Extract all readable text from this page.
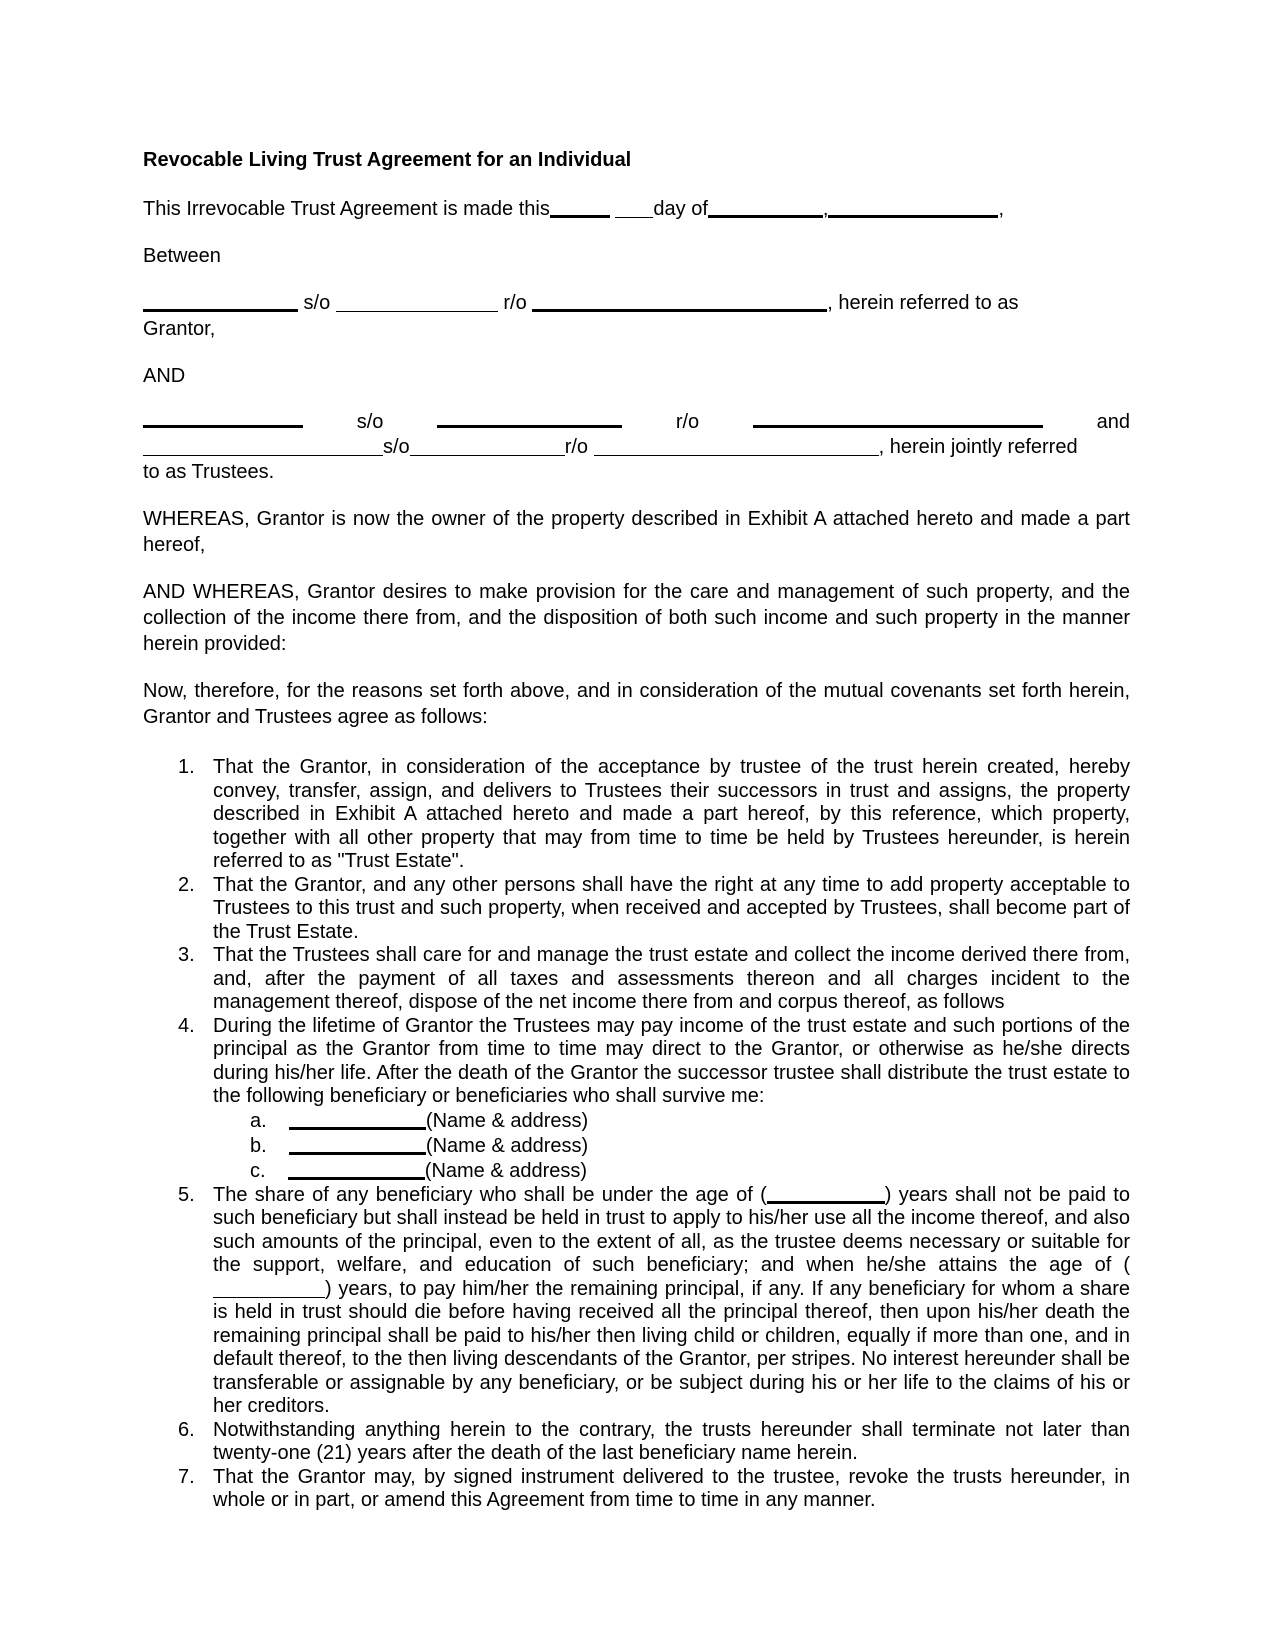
Revocable Living Trust Agreement for an Individual

This Irrevocable Trust Agreement is made this	day of	,	,

Between

s/o	r/o	, herein referred to as

Grantor,

AND

s/o	r/o	and
s/o	r/o	, herein jointly referred
to as Trustees.

WHEREAS, Grantor is now the owner of the property described in Exhibit A attached hereto and made a part hereof,

AND WHEREAS, Grantor desires to make provision for the care and management of such property, and the collection of the income there from, and the disposition of both such income and such property in the manner herein provided:

Now, therefore, for the reasons set forth above, and in consideration of the mutual covenants set forth herein, Grantor and Trustees agree as follows:

1. That the Grantor, in consideration of the acceptance by trustee of the trust herein created, hereby convey, transfer, assign, and delivers to Trustees their successors in trust and assigns, the property described in Exhibit A attached hereto and made a part hereof, by this reference, which property, together with all other property that may from time to time be held by Trustees hereunder, is herein referred to as "Trust Estate".
2. That the Grantor, and any other persons shall have the right at any time to add property acceptable to Trustees to this trust and such property, when received and accepted by Trustees, shall become part of the Trust Estate.
3. That the Trustees shall care for and manage the trust estate and collect the income derived there from, and, after the payment of all taxes and assessments thereon and all charges incident to the management thereof, dispose of the net income there from and corpus thereof, as follows
4. During the lifetime of Grantor the Trustees may pay income of the trust estate and such portions of the principal as the Grantor from time to time may direct to the Grantor, or otherwise as he/she directs during his/her life. After the death of the Grantor the successor trustee shall distribute the trust estate to the following beneficiary or beneficiaries who shall survive me:
a.	(Name & address)
b.	(Name & address)
c.	(Name & address)
5. The share of any beneficiary who shall be under the age of (	) years shall not be paid to such beneficiary but shall instead be held in trust to apply to his/her use all the income thereof, and also such amounts of the principal, even to the extent of all, as the trustee deems necessary or suitable for the support, welfare, and education of such beneficiary; and when he/she attains the age of () years, to pay him/her the remaining principal, if any. If any beneficiary for whom a share is held in trust should die before having received all the principal thereof, then upon his/her death the remaining principal shall be paid to his/her then living child or children, equally if more than one, and in default thereof, to the then living descendants of the Grantor, per stripes. No interest hereunder shall be transferable or assignable by any beneficiary, or be subject during his or her life to the claims of his or her creditors.
6. Notwithstanding anything herein to the contrary, the trusts hereunder shall terminate not later than twenty-one (21) years after the death of the last beneficiary name herein.
7. That the Grantor may, by signed instrument delivered to the trustee, revoke the trusts hereunder, in whole or in part, or amend this Agreement from time to time in any manner.
